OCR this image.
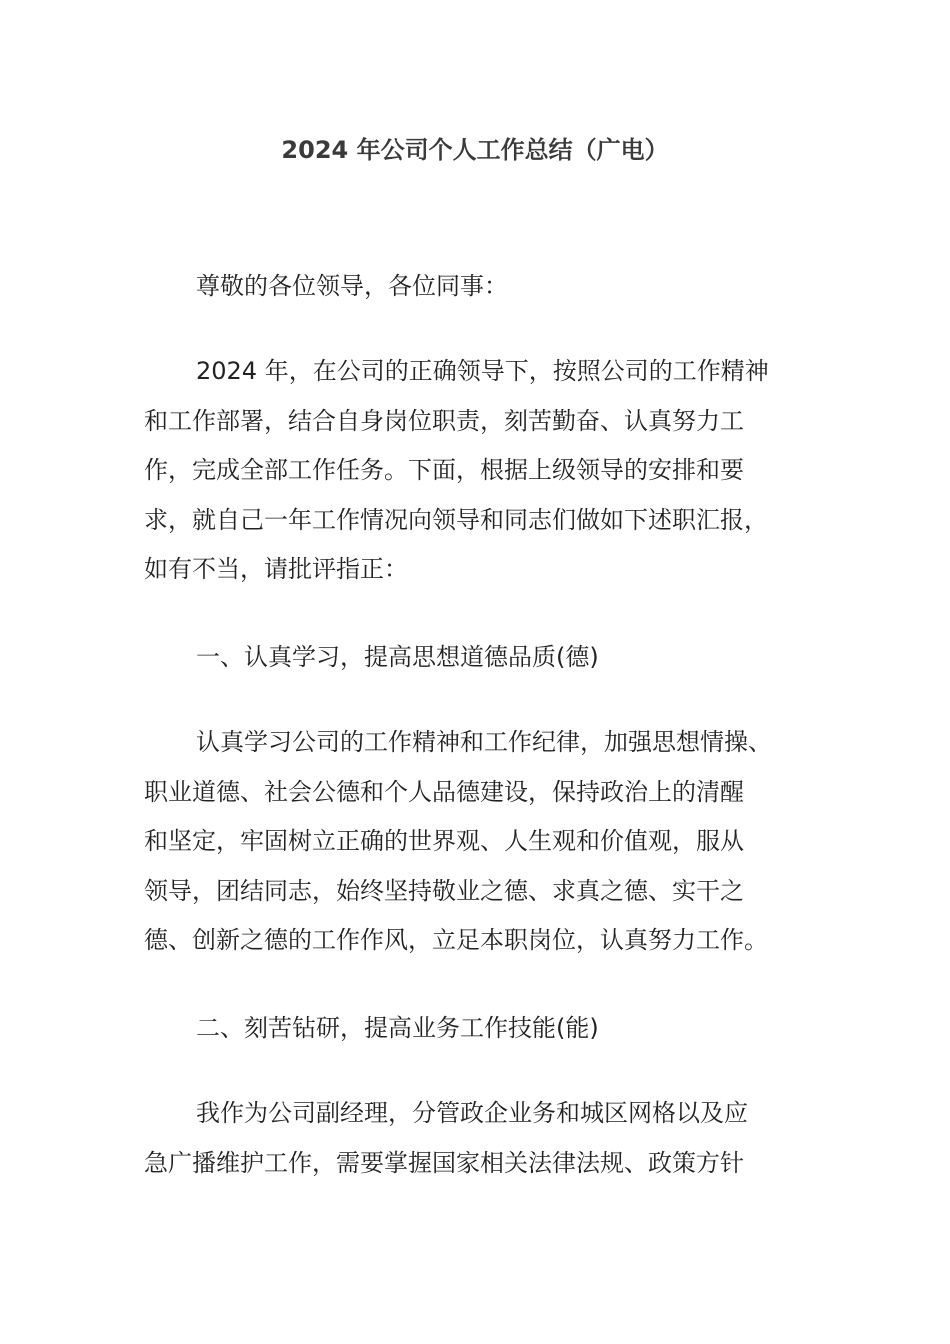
2024 年公司个人工作总结（广电）
尊敬的各位领导，各位同事：
2024 年，在公司的正确领导下，按照公司的工作精神
和工作部署，结合自身岗位职责，刻苦勤奋、认真努力工
作，完成全部工作任务。下面，根据上级领导的安排和要
求，就自己一年工作情况向领导和同志们做如下述职汇报，
如有不当，请批评指正：
一、认真学习，提高思想道德品质(德)
认真学习公司的工作精神和工作纪律，加强思想情操、
职业道德、社会公德和个人品德建设，保持政治上的清醒
和坚定，牢固树立正确的世界观、人生观和价值观，服从
领导，团结同志，始终坚持敬业之德、求真之德、实干之
德、创新之德的工作作风，立足本职岗位，认真努力工作。
二、刻苦钻研，提高业务工作技能(能)
我作为公司副经理，分管政企业务和城区网格以及应
急广播维护工作，需要掌握国家相关法律法规、政策方针
